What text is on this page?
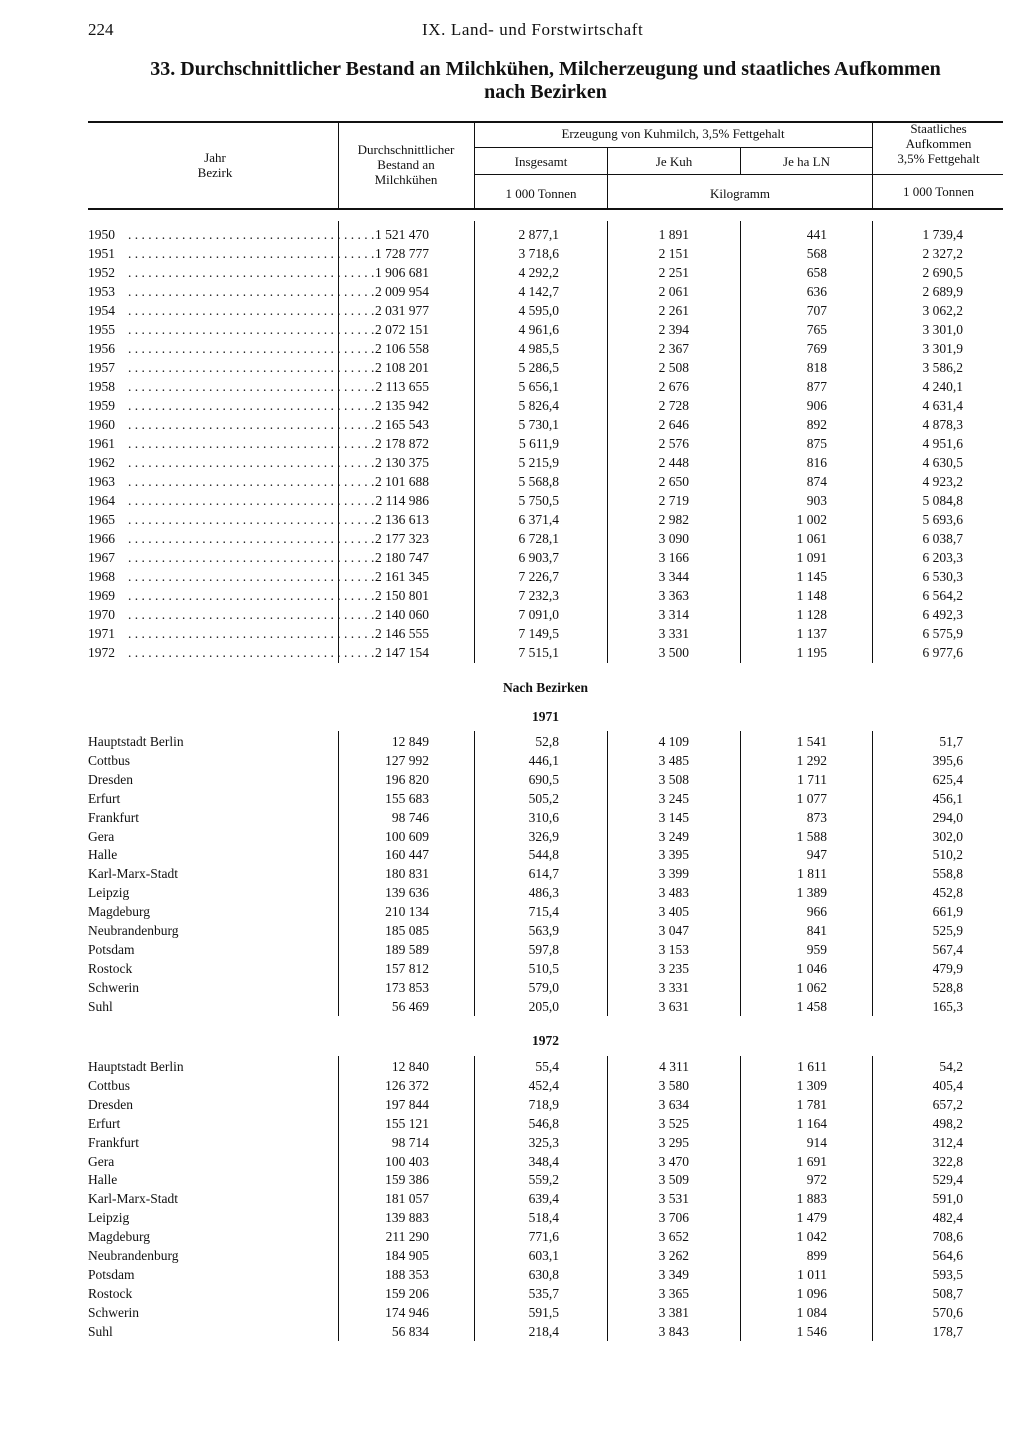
224	IX. Land- und Forstwirtschaft
33. Durchschnittlicher Bestand an Milchkühen, Milcherzeugung und staatliches Aufkommen
nach Bezirken
Jahr
Bezirk
Durchschnittlicher
Bestand an
Milchkühen
Erzeugung von Kuhmilch, 3,5% Fettgehalt
Insgesamt	Je Kuh	Je ha LN
Staatliches
Aufkommen
3,5% Fettgehalt
1 000 Tonnen	Kilogramm	1 000 Tonnen
1950 . . . . . . . . . . . . . . . . . . . . . . . . . . . . . . . . . . . . . 1 521 470	2 877,1	1 891	441	1 739,4
1951 . . . . . . . . . . . . . . . . . . . . . . . . . . . . . . . . . . . . . 1 728 777	3 718,6	2 151	568	2 327,2
1952 . . . . . . . . . . . . . . . . . . . . . . . . . . . . . . . . . . . . . 1 906 681	4 292,2	2 251	658	2 690,5
1953 . . . . . . . . . . . . . . . . . . . . . . . . . . . . . . . . . . . . . 2 009 954	4 142,7	2 061	636	2 689,9
1954 . . . . . . . . . . . . . . . . . . . . . . . . . . . . . . . . . . . . . 2 031 977	4 595,0	2 261	707	3 062,2
1955 . . . . . . . . . . . . . . . . . . . . . . . . . . . . . . . . . . . . . 2 072 151	4 961,6	2 394	765	3 301,0
1956 . . . . . . . . . . . . . . . . . . . . . . . . . . . . . . . . . . . . . 2 106 558	4 985,5	2 367	769	3 301,9
1957 . . . . . . . . . . . . . . . . . . . . . . . . . . . . . . . . . . . . . 2 108 201	5 286,5	2 508	818	3 586,2
1958 . . . . . . . . . . . . . . . . . . . . . . . . . . . . . . . . . . . . . 2 113 655	5 656,1	2 676	877	4 240,1
1959 . . . . . . . . . . . . . . . . . . . . . . . . . . . . . . . . . . . . . 2 135 942	5 826,4	2 728	906	4 631,4
1960 . . . . . . . . . . . . . . . . . . . . . . . . . . . . . . . . . . . . . 2 165 543	5 730,1	2 646	892	4 878,3
1961 . . . . . . . . . . . . . . . . . . . . . . . . . . . . . . . . . . . . . 2 178 872	5 611,9	2 576	875	4 951,6
1962 . . . . . . . . . . . . . . . . . . . . . . . . . . . . . . . . . . . . . 2 130 375	5 215,9	2 448	816	4 630,5
1963 . . . . . . . . . . . . . . . . . . . . . . . . . . . . . . . . . . . . . 2 101 688	5 568,8	2 650	874	4 923,2
1964 . . . . . . . . . . . . . . . . . . . . . . . . . . . . . . . . . . . . . 2 114 986	5 750,5	2 719	903	5 084,8
1965 . . . . . . . . . . . . . . . . . . . . . . . . . . . . . . . . . . . . . 2 136 613	6 371,4	2 982	1 002	5 693,6
1966 . . . . . . . . . . . . . . . . . . . . . . . . . . . . . . . . . . . . . 2 177 323	6 728,1	3 090	1 061	6 038,7
1967 . . . . . . . . . . . . . . . . . . . . . . . . . . . . . . . . . . . . . 2 180 747	6 903,7	3 166	1 091	6 203,3
1968 . . . . . . . . . . . . . . . . . . . . . . . . . . . . . . . . . . . . . 2 161 345	7 226,7	3 344	1 145	6 530,3
1969 . . . . . . . . . . . . . . . . . . . . . . . . . . . . . . . . . . . . . 2 150 801	7 232,3	3 363	1 148	6 564,2
1970 . . . . . . . . . . . . . . . . . . . . . . . . . . . . . . . . . . . . . 2 140 060	7 091,0	3 314	1 128	6 492,3
1971 . . . . . . . . . . . . . . . . . . . . . . . . . . . . . . . . . . . . . 2 146 555	7 149,5	3 331	1 137	6 575,9
1972 . . . . . . . . . . . . . . . . . . . . . . . . . . . . . . . . . . . . . 2 147 154	7 515,1	3 500	1 195	6 977,6
Nach Bezirken
1971
Hauptstadt Berlin . . .	12 849	52,8	4 109	1 541	51,7
Cottbus . . .	127 992	446,1	3 485	1 292	395,6
Dresden . . .	196 820	690,5	3 508	1 711	625,4
Erfurt . . .	155 683	505,2	3 245	1 077	456,1
Frankfurt . . .	98 746	310,6	3 145	873	294,0
Gera . . .	100 609	326,9	3 249	1 588	302,0
Halle . . .	160 447	544,8	3 395	947	510,2
Karl-Marx-Stadt . . .	180 831	614,7	3 399	1 811	558,8
Leipzig . . .	139 636	486,3	3 483	1 389	452,8
Magdeburg . . .	210 134	715,4	3 405	966	661,9
Neubrandenburg . . .	185 085	563,9	3 047	841	525,9
Potsdam . . .	189 589	597,8	3 153	959	567,4
Rostock . . .	157 812	510,5	3 235	1 046	479,9
Schwerin . . .	173 853	579,0	3 331	1 062	528,8
Suhl . . .	56 469	205,0	3 631	1 458	165,3
1972
Hauptstadt Berlin . . .	12 840	55,4	4 311	1 611	54,2
Cottbus . . .	126 372	452,4	3 580	1 309	405,4
Dresden . . .	197 844	718,9	3 634	1 781	657,2
Erfurt . . .	155 121	546,8	3 525	1 164	498,2
Frankfurt . . .	98 714	325,3	3 295	914	312,4
Gera . . .	100 403	348,4	3 470	1 691	322,8
Halle . . .	159 386	559,2	3 509	972	529,4
Karl-Marx-Stadt . . .	181 057	639,4	3 531	1 883	591,0
Leipzig . . .	139 883	518,4	3 706	1 479	482,4
Magdeburg . . .	211 290	771,6	3 652	1 042	708,6
Neubrandenburg . . .	184 905	603,1	3 262	899	564,6
Potsdam . . .	188 353	630,8	3 349	1 011	593,5
Rostock . . .	159 206	535,7	3 365	1 096	508,7
Schwerin . . .	174 946	591,5	3 381	1 084	570,6
Suhl . . .	56 834	218,4	3 843	1 546	178,7
